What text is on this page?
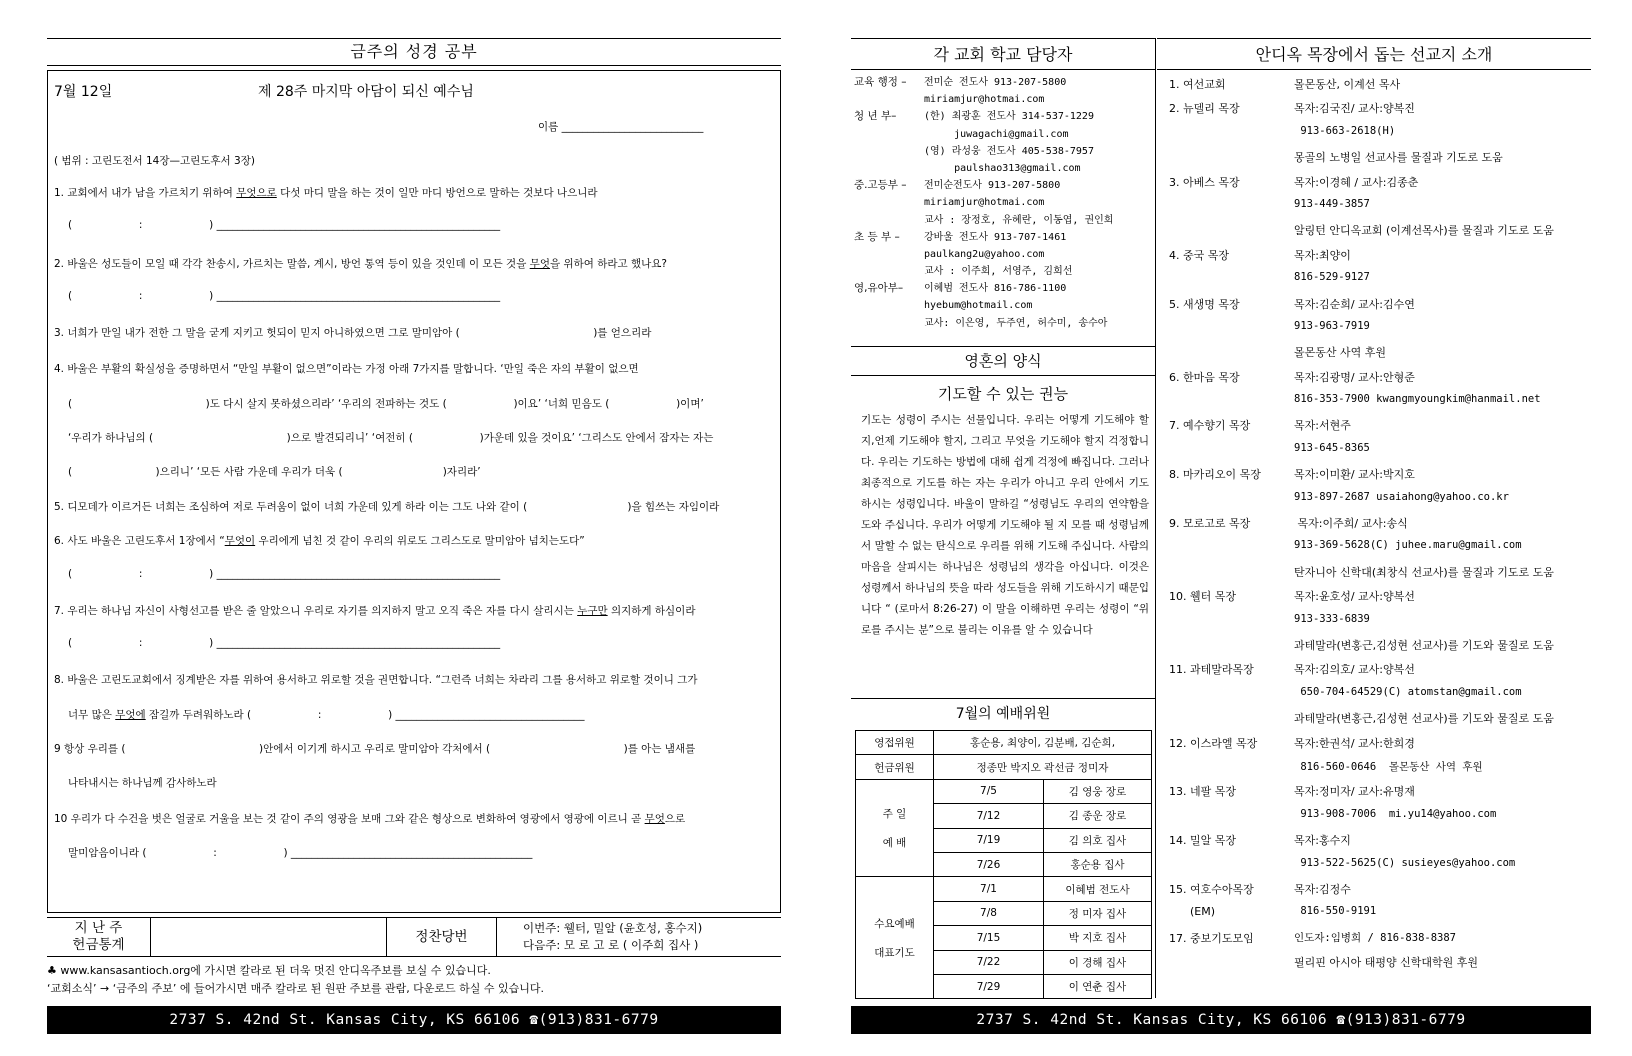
금주의 성경 공부
7월 12일	제 28주 마지막 아담이 되신 예수님
이름 ___________________________
( 범위 : 고린도전서 14장—고린도후서 3장)
1. 교회에서 내가 남을 가르치기 위하여 무엇으로 다섯 마디 말을 하는 것이 일만 마디 방언으로 말하는 것보다 나으니라
(                    :                    ) ______________________________________________________
2. 바울은 성도들이 모일 때 각각 찬송시, 가르치는 말씀, 계시, 방언 통역 등이 있을 것인데 이 모든 것을 무엇을 위하여 하라고 했나요?
(                    :                    ) ______________________________________________________
3. 너희가 만일 내가 전한 그 말을 굳게 지키고 헛되이 믿지 아니하였으면 그로 말미암아 (                                        )를 얻으리라
4. 바울은 부활의 확실성을 증명하면서 “만일 부활이 없으면”이라는 가정 아래 7가지를 말합니다. ‘만일 죽은 자의 부활이 없으면
(                                        )도 다시 살지 못하셨으리라’ ‘우리의 전파하는 것도 (                    )이요’ ‘너희 믿음도 (                    )이며’
‘우리가 하나님의 (                                        )으로 발견되리니’ ‘여전히 (                    )가운데 있을 것이요’ ‘그리스도 안에서 잠자는 자는
(                         )으리니’ ‘모든 사람 가운데 우리가 더욱 (                              )자리라’
5. 디모데가 이르거든 너희는 조심하여 저로 두려움이 없이 너희 가운데 있게 하라 이는 그도 나와 같이 (                              )을 힘쓰는 자임이라
6. 사도 바울은 고린도후서 1장에서 “무엇이 우리에게 넘친 것 같이 우리의 위로도 그리스도로 말미암아 넘치는도다”
(                    :                    ) ______________________________________________________
7. 우리는 하나님 자신이 사형선고를 받은 줄 알았으니 우리로 자기를 의지하지 말고 오직 죽은 자를 다시 살리시는 누구만 의지하게 하심이라
(                    :                    ) ______________________________________________________
8. 바울은 고린도교회에서 징계받은 자를 위하여 용서하고 위로할 것을 권면합니다. “그런즉 너희는 차라리 그를 용서하고 위로할 것이니 그가
너무 많은 무엇에 잠길까 두려워하노라 (                    :                    ) ____________________________________
9 항상 우리를 (                                        )안에서 이기게 하시고 우리로 말미암아 각처에서 (                                        )를 아는 냄새를
나타내시는 하나님께 감사하노라
10 우리가 다 수건을 벗은 얼굴로 거울을 보는 것 같이 주의 영광을 보매 그와 같은 형상으로 변화하여 영광에서 영광에 이르니 곧 무엇으로
말미암음이니라 (                    :                    ) ______________________________________________
지 난 주
헌금통계	정찬당번
이번주: 웰터, 밀알 (윤호성, 홍수지)
다음주: 모 로 고 로 ( 이주희 집사 )
♣ www.kansasantioch.org에 가시면 칼라로 된 더욱 멋진 안디옥주보를 보실 수 있습니다.
‘교회소식’ → ‘금주의 주보’ 에 들어가시면 매주 칼라로 된 원판 주보를 관람, 다운로드 하실 수 있습니다.
2737 S. 42nd St. Kansas City, KS 66106 ☎(913)831-6779
각 교회 학교 담당자
교육 행정 – 전미순 전도사 913-207-5800
miriamjur@hotmai.com
청 년 부–	(한) 최광훈 전도사 314-537-1229
juwagachi@gmail.com
(영) 라성웅 전도사 405-538-7957
paulshao313@gmail.com
중.고등부 – 전미순전도사 913-207-5800
miriamjur@hotmai.com
교사 : 장정호, 유혜란, 이동엽, 권인희
초 등 부 – 강바울 전도사 913-707-1461
paulkang2u@yahoo.com
교사 : 이주희, 서영주, 김희선
영,유아부– 이혜범 전도사 816-786-1100
hyebum@hotmail.com
교사: 이은영, 두주연, 허수미, 송수아
영혼의 양식
기도할 수 있는 권능
기도는 성령이 주시는 선물입니다. 우리는 어떻게 기도해야 할지,언제 기도해야 할지, 그리고 무엇을 기도해야 할지 걱정합니다. 우리는 기도하는 방법에 대해 쉽게 걱정에 빠집니다. 그러나 최종적으로 기도를 하는 자는 우리가 아니고 우리 안에서 기도하시는 성령입니다. 바울이 말하길 “성령님도 우리의 연약함을 도와 주십니다. 우리가 어떻게 기도해야 될 지 모를 때 성령님께서 말할 수 없는 탄식으로 우리를 위해 기도해 주십니다. 사람의 마음을 살피시는 하나님은 성령님의 생각을 아십니다. 이것은 성령께서 하나님의 뜻을 따라 성도들을 위해 기도하시기 때문입니다 “ (로마서 8:26-27) 이 말을 이해하면 우리는 성령이 “위로를 주시는 분”으로 불리는 이유를 알 수 있습니다
7월의 예배위원
영접위원	홍순용, 최양이, 김분배, 김순희,	
헌금위원	정종만 박지오 곽선금 정미자	

주 일
예 배	7/5	김 영웅 장로
	7/12	김 종운 장로
	7/19	김 의호 집사
	7/26	홍순용 집사

수요예배
대표기도	7/1	이혜범 전도사
	7/8	정 미자 집사
	7/15	박 지호 집사
	7/22	이 경해 집사
	7/29	이 연춘 집사
안디옥 목장에서 돕는 선교지 소개
1. 여선교회	몰몬동산, 이계선 목사
2. 뉴델리 목장	목자:김국진/ 교사:양복진
913-663-2618(H)
몽골의 노병일 선교사를 물질과 기도로 도움
3. 아베스 목장	목자:이경혜 / 교사:김종춘
913-449-3857
알링턴 안디옥교회 (이계선목사)를 물질과 기도로 도움
4. 중국 목장	목자:최양이
816-529-9127
5. 새생명 목장	목자:김순희/ 교사:김수연
913-963-7919
몰몬동산 사역 후원
6. 한마음 목장	목자:김광명/ 교사:안형준
816-353-7900 kwangmyoungkim@hanmail.net
7. 예수향기 목장	목자:서현주
913-645-8365
8. 마카리오이 목장	목자:이미환/ 교사:박지호
913-897-2687 usaiahong@yahoo.co.kr
9. 모로고로 목장	목자:이주희/ 교사:송식
913-369-5628(C) juhee.maru@gmail.com
탄자니아 신학대(최창식 선교사)를 물질과 기도로 도움
10. 웰터 목장	목자:윤호성/ 교사:양복선
913-333-6839
과테말라(변홍근,김성현 선교사)를 기도와 물질로 도움
11. 과테말라목장	목자:김의호/ 교사:양복선
650-704-64529(C) atomstan@gmail.com
과테말라(변홍근,김성현 선교사)를 기도와 물질로 도움
12. 이스라엘 목장	목자:한권석/ 교사:한희경
816-560-0646  몰몬동산 사역 후원
13. 네팔 목장	목자:정미자/ 교사:유명재
913-908-7006  mi.yu14@yahoo.com
14. 밀알 목장	목자:홍수지
913-522-5625(C) susieyes@yahoo.com
15. 여호수아목장	목자:김정수
(EM)	816-550-9191
17. 중보기도모임	인도자:임병희 / 816-838-8387
필리핀 아시아 태평양 신학대학원 후원
2737 S. 42nd St. Kansas City, KS 66106 ☎(913)831-6779
